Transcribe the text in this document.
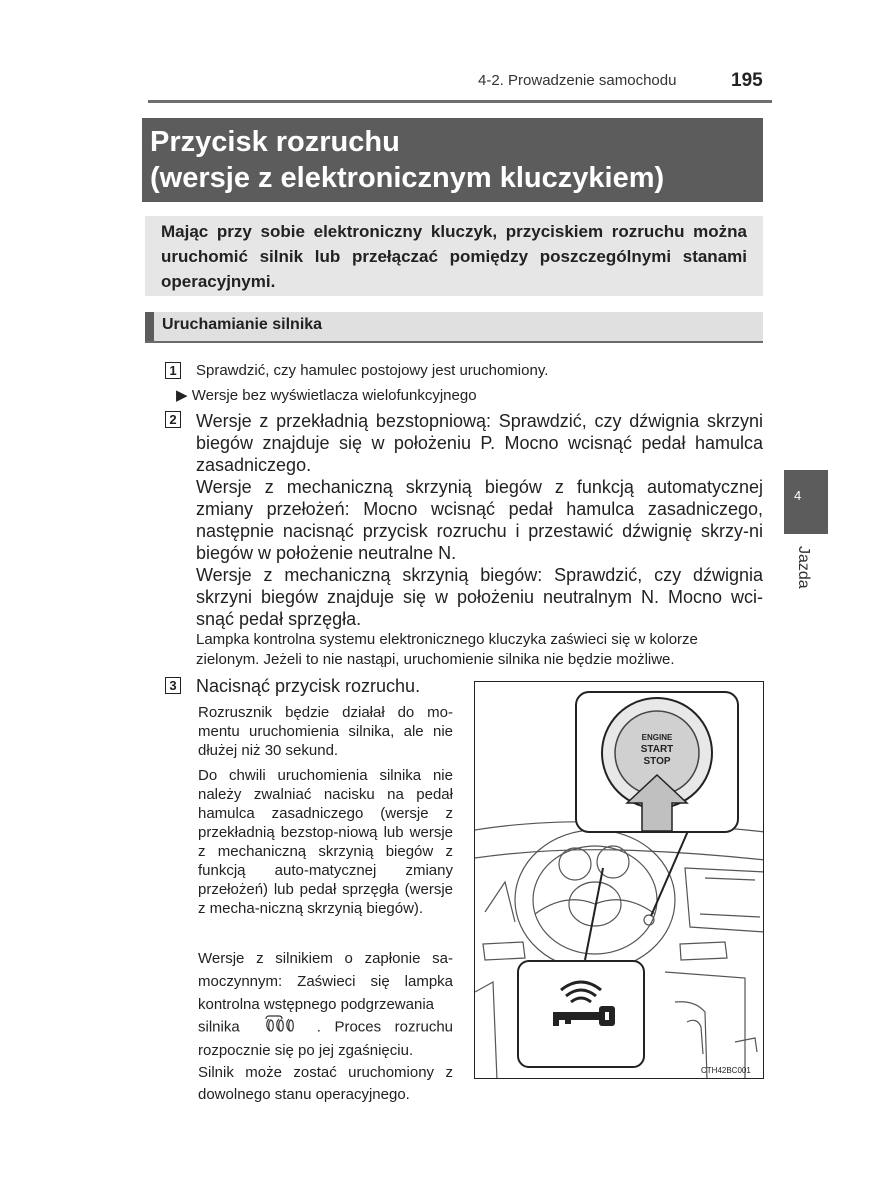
4-2. Prowadzenie samochodu	195
Przycisk rozruchu
(wersje z elektronicznym kluczykiem)
Mając przy sobie elektroniczny kluczyk, przyciskiem rozruchu można uruchomić silnik lub przełączać pomiędzy poszczególnymi stanami operacyjnymi.
Uruchamianie silnika
1 Sprawdzić, czy hamulec postojowy jest uruchomiony.
▶ Wersje bez wyświetlacza wielofunkcyjnego
2 Wersje z przekładnią bezstopniową: Sprawdzić, czy dźwignia skrzyni biegów znajduje się w położeniu P. Mocno wcisnąć pedał hamulca zasadniczego.

Wersje z mechaniczną skrzynią biegów z funkcją automatycznej zmiany przełożeń: Mocno wcisnąć pedał hamulca zasadniczego, następnie nacisnąć przycisk rozruchu i przestawić dźwignię skrzy-ni biegów w położenie neutralne N.

Wersje z mechaniczną skrzynią biegów: Sprawdzić, czy dźwignia skrzyni biegów znajduje się w położeniu neutralnym N. Mocno wci-snąć pedał sprzęgła.

Lampka kontrolna systemu elektronicznego kluczyka zaświeci się w kolorze zielonym. Jeżeli to nie nastąpi, uruchomienie silnika nie będzie możliwe.
3 Nacisnąć przycisk rozruchu.
Rozrusznik będzie działał do mo-mentu uruchomienia silnika, ale nie dłużej niż 30 sekund.
Do chwili uruchomienia silnika nie należy zwalniać nacisku na pedał hamulca zasadniczego (wersje z przekładnią bezstop-niową lub wersje z mechaniczną skrzynią biegów z funkcją auto-matycznej zmiany przełożeń) lub pedał sprzęgła (wersje z mecha-niczną skrzynią biegów).
Wersje z silnikiem o zapłonie sa-moczynnym: Zaświeci się lampka kontrolna wstępnego podgrzewania
silnika	. Proces rozruchu rozpocznie się po jej zgaśnięciu.
Silnik może zostać uruchomiony z dowolnego stanu operacyjnego.
4
Jazda
ENGINE
START
STOP
CTH42BC001
